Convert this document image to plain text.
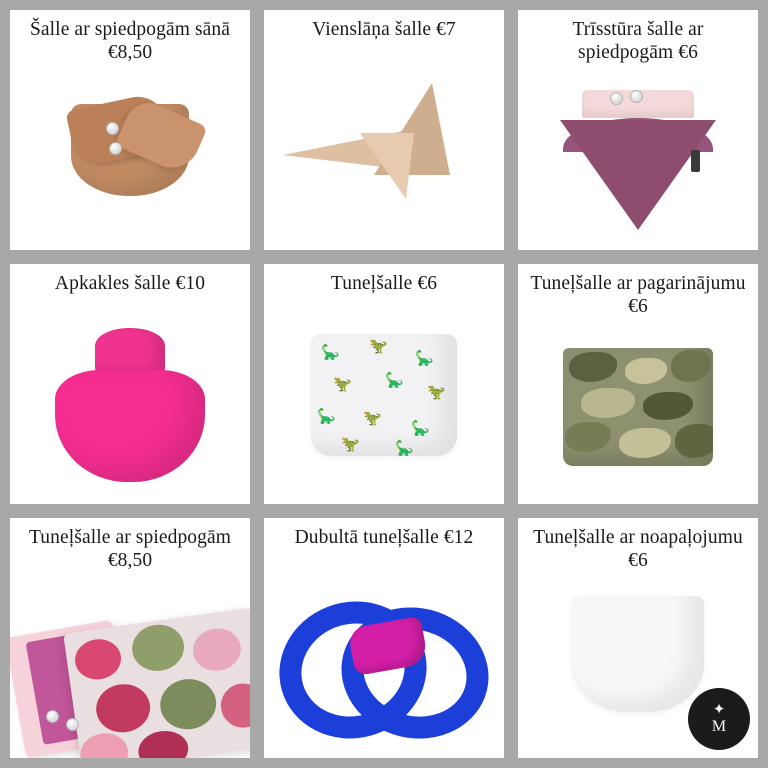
Šalle ar spiedpogām sānā €8,50
Vienslāņa šalle €7	Trīsstūra šalle ar spiedpogām €6
Apkakles šalle €10	Tuneļšalle €6
🦕 🦖
🦕
🦖 🦕
🦖
🦕 🦖
🦕
🦖 🦕
Tuneļšalle ar pagarinājumu €6
Tuneļšalle ar spiedpogām €8,50
Dubultā tuneļšalle €12	Tuneļšalle ar noapaļojumu €6
✦
M
